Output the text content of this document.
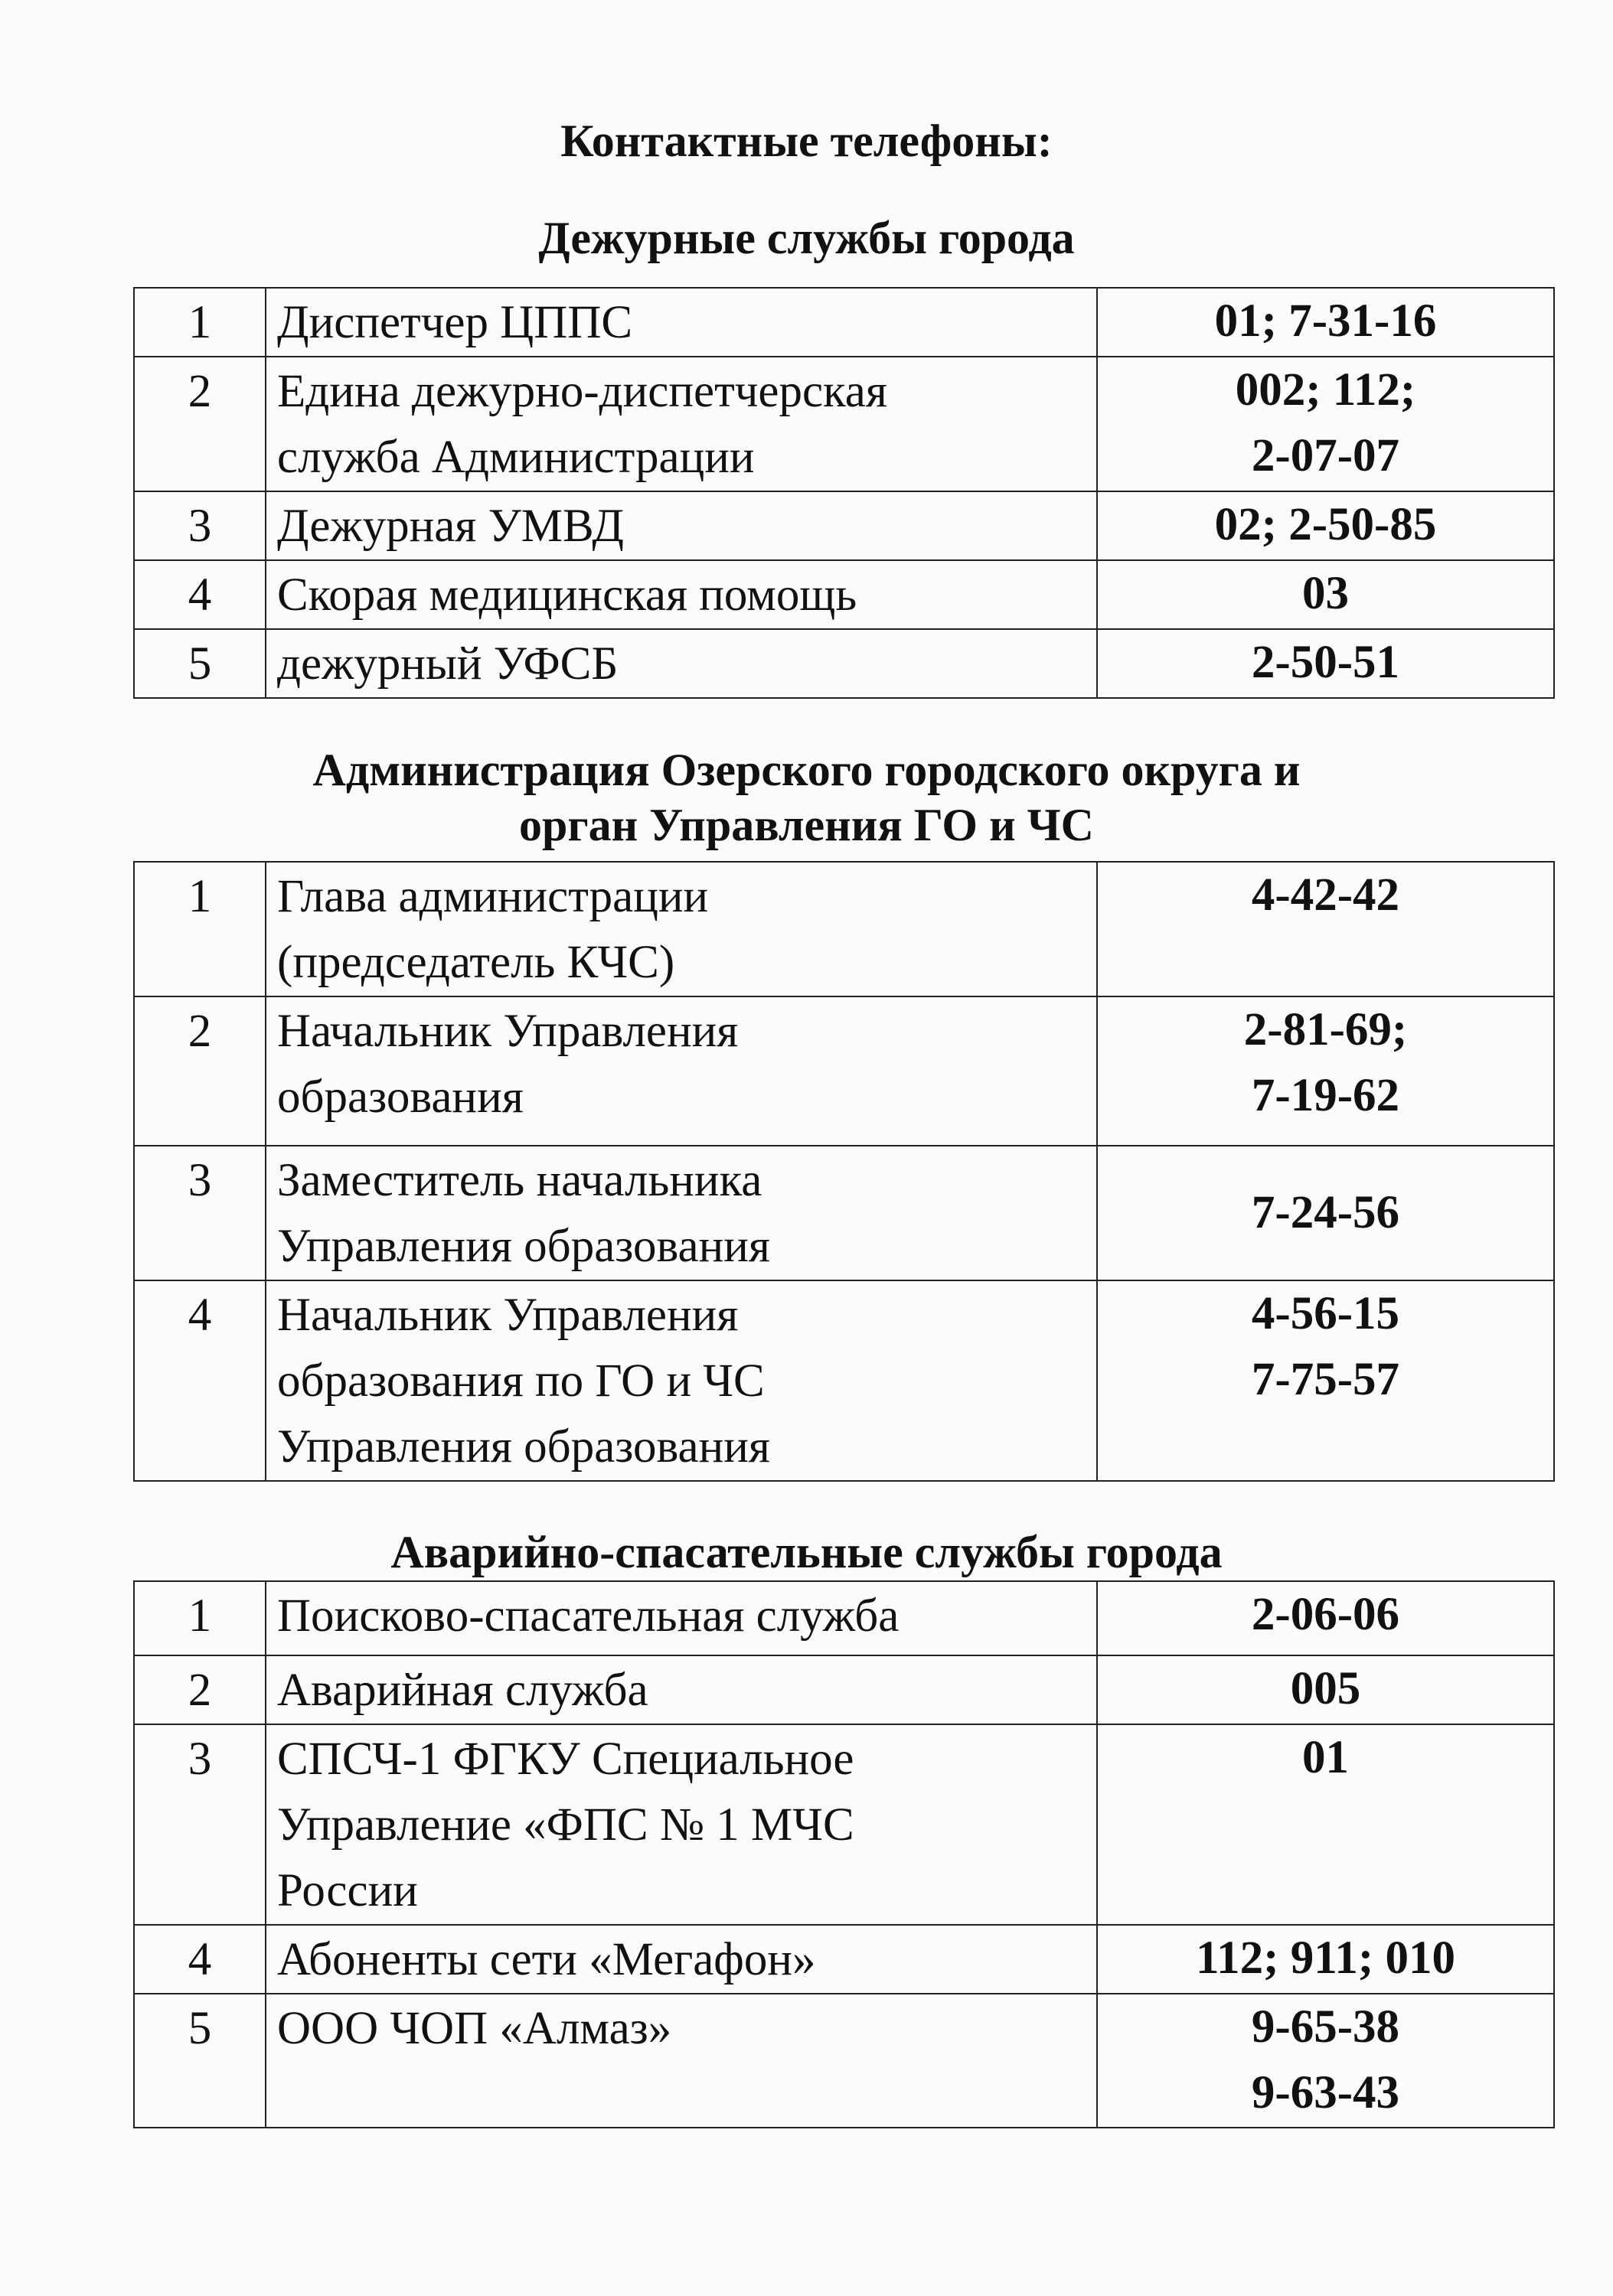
Контактные телефоны:
Дежурные службы города
1	Диспетчер ЦППС	01; 7-31-16

2	Едина дежурно-диспетчерская
служба Администрации	002; 112;
2-07-07

3	Дежурная УМВД	02; 2-50-85

4	Скорая медицинская помощь	03

5	дежурный УФСБ	2-50-51
Администрация Озерского городского округа и
орган Управления ГО и ЧС
1	Глава администрации
(председатель КЧС)	4-42-42

2	Начальник Управления
образования	2-81-69;
7-19-62

3	Заместитель начальника
Управления образования	7-24-56

4	Начальник Управления
образования по ГО и ЧС
Управления образования	4-56-15
7-75-57
Аварийно-спасательные службы города
1	Поисково-спасательная служба	2-06-06

2	Аварийная служба	005

3	СПСЧ-1 ФГКУ Специальное
Управление «ФПС № 1 МЧС
России	01

4	Абоненты сети «Мегафон»	112; 911; 010

5	ООО ЧОП «Алмаз»	9-65-38
9-63-43
